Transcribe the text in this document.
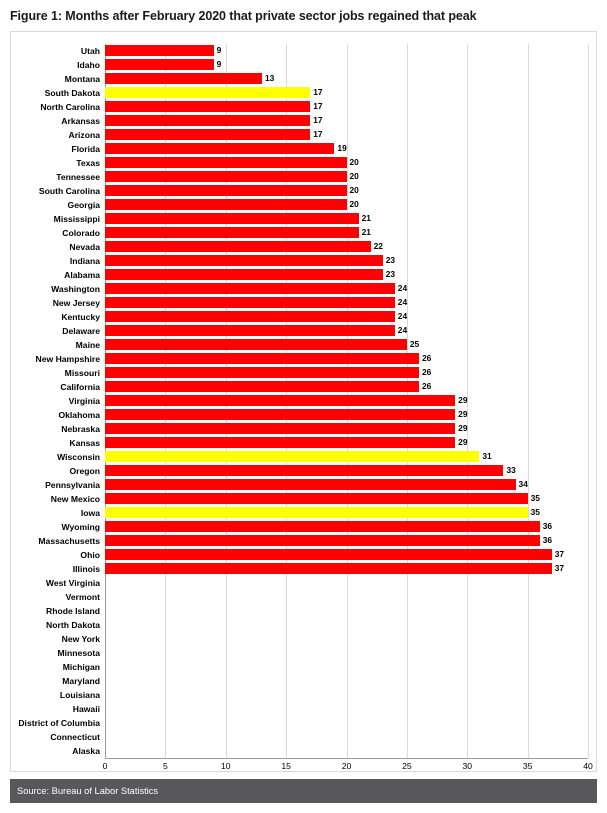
Figure 1: Months after February 2020 that private sector jobs regained that peak
Utah
Idaho
Montana
South Dakota
North Carolina
Arkansas
Arizona
Florida
Texas
Tennessee
South Carolina
Georgia
Mississippi
Colorado
Nevada
Indiana
Alabama
Washington
New Jersey
Kentucky
Delaware
Maine
New Hampshire
Missouri
California
Virginia
Oklahoma
Nebraska
Kansas
Wisconsin
Oregon
Pennsylvania
New Mexico
Iowa
Wyoming
Massachusetts
Ohio
Illinois
West Virginia
Vermont
Rhode Island
North Dakota
New York
Minnesota
Michigan
Maryland
Louisiana
Hawaii
District of Columbia
Connecticut
Alaska
9
9
13
17
17
17
17
19
20
20
20
20
21
21
22
23
23
24
24
24
24
25
26
26
26
29
29
29
29
31
33
34
35
35
36
36
37
37
0	5	10	15	20	25	30	35	40
Source: Bureau of Labor Statistics
